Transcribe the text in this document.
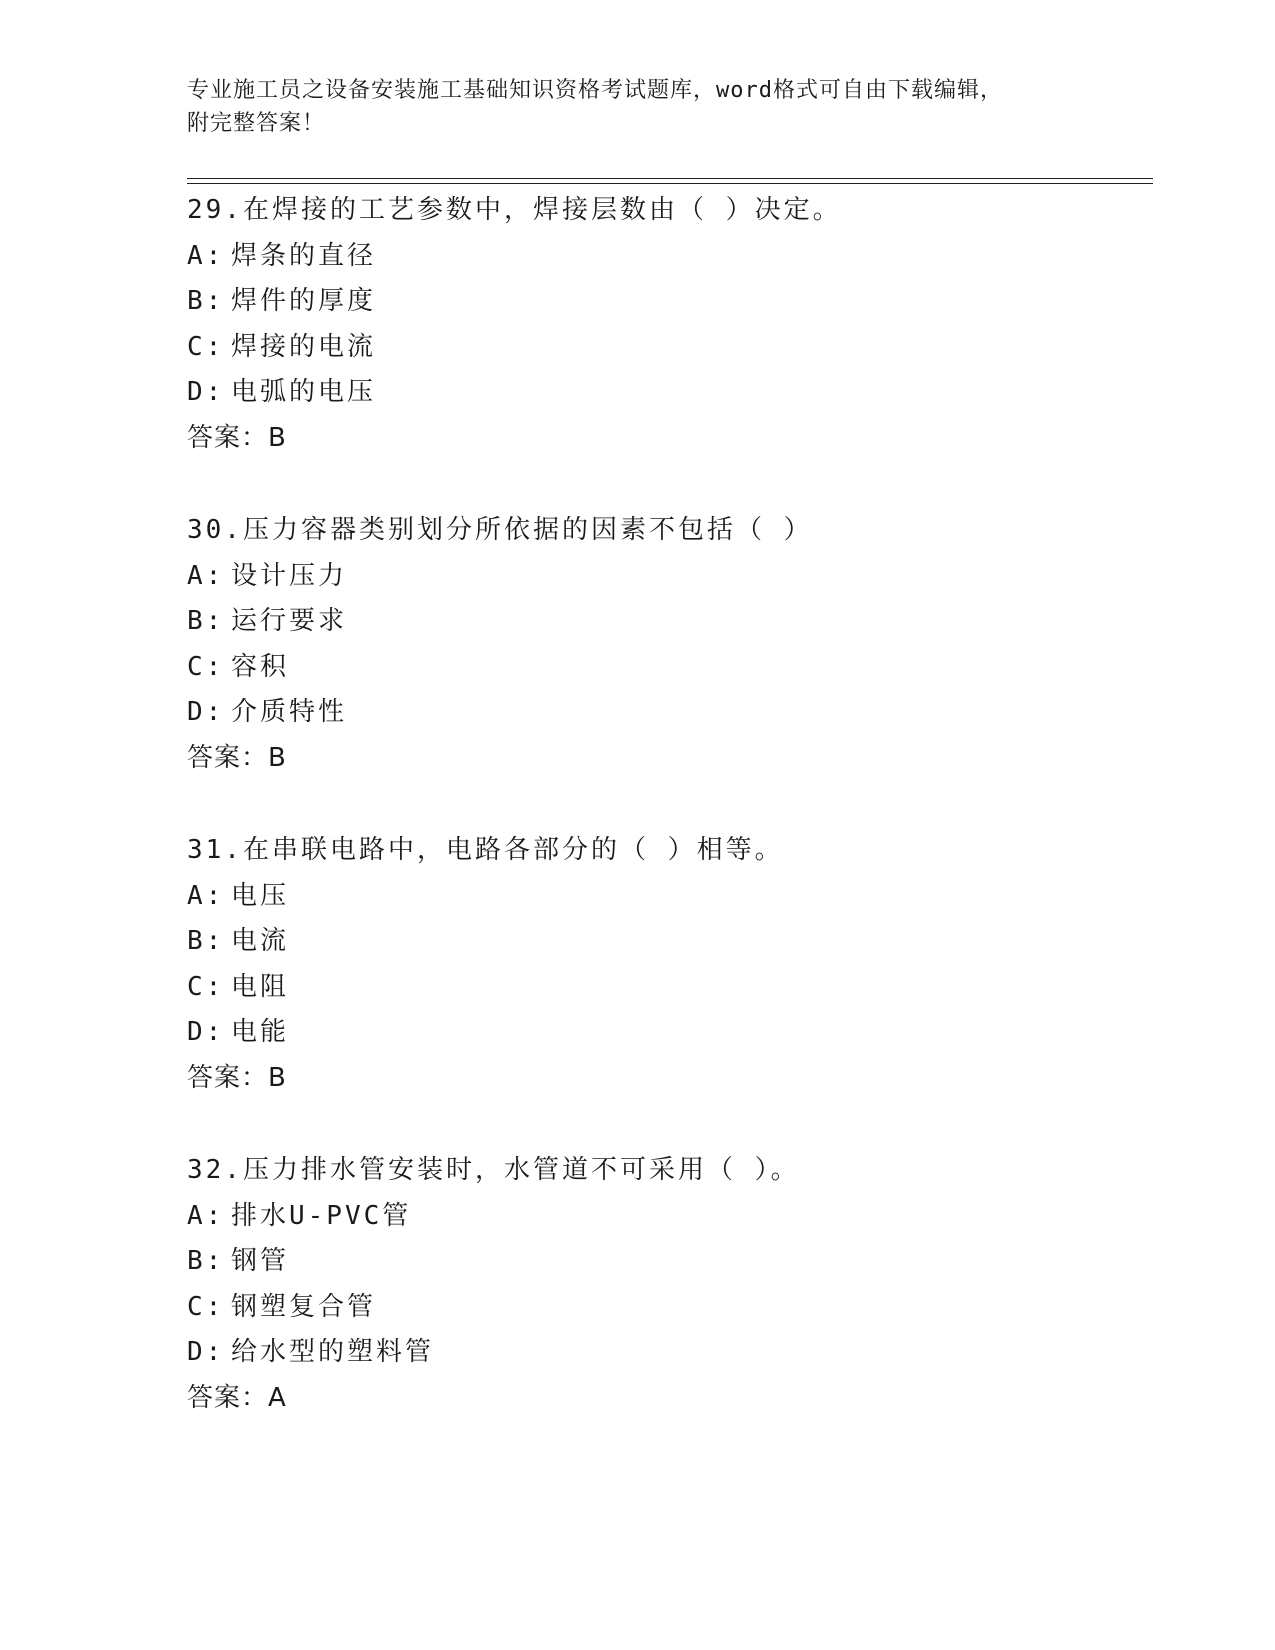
专业施工员之设备安装施工基础知识资格考试题库，word格式可自由下载编辑，
附完整答案！
29.在焊接的工艺参数中，焊接层数由（ ）决定。
A: 焊条的直径
B: 焊件的厚度
C: 焊接的电流
D: 电弧的电压
答案：B
30.压力容器类别划分所依据的因素不包括（ ）
A: 设计压力
B: 运行要求
C: 容积
D: 介质特性
答案：B
31.在串联电路中，电路各部分的（ ）相等。
A: 电压
B: 电流
C: 电阻
D: 电能
答案：B
32.压力排水管安装时，水管道不可采用（ ）。
A: 排水U-PVC管
B: 钢管
C: 钢塑复合管
D: 给水型的塑料管
答案：A
